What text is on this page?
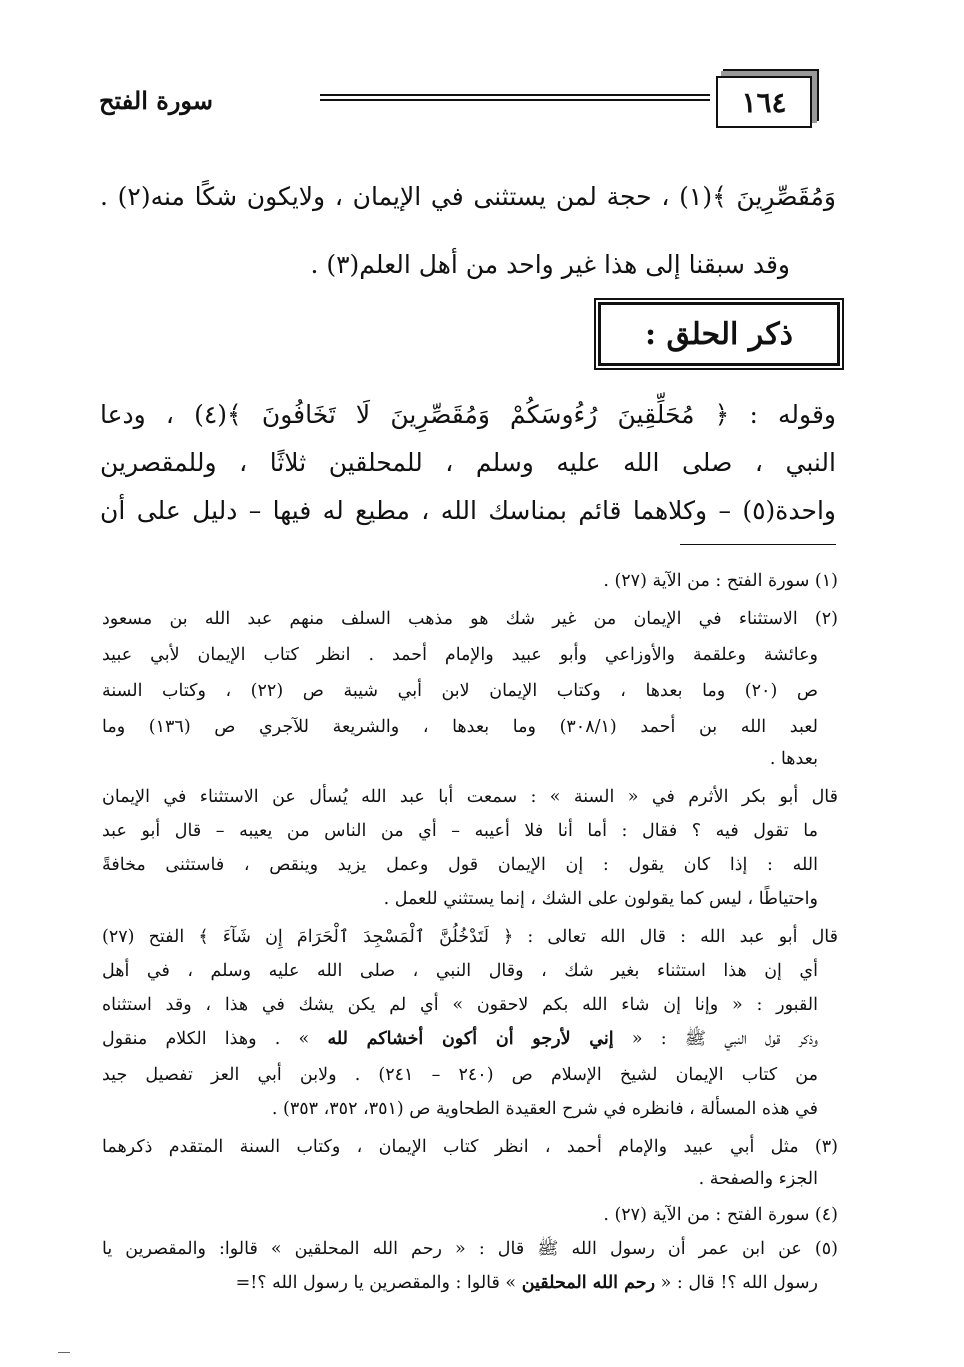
١٦٤
سورة الفتح
وَمُقَصِّرِينَ ﴾(١) ، حجة لمن يستثنى في الإيمان ، ولايكون شكًا منه(٢) .
وقد سبقنا إلى هذا غير واحد من أهل العلم(٣) .
ذكر الحلق :
وقوله : ﴿ مُحَلِّقِينَ رُءُوسَكُمْ وَمُقَصِّرِينَ لَا تَخَافُونَ ﴾(٤) ، ودعا
النبي ، صلى الله عليه وسلم ، للمحلقين ثلاثًا ، وللمقصرين
واحدة(٥) – وكلاهما قائم بمناسك الله ، مطيع له فيها – دليل على أن
(١) سورة الفتح : من الآية (٢٧) .
(٢) الاستثناء في الإيمان من غير شك هو مذهب السلف منهم عبد الله بن مسعود
وعائشة وعلقمة والأوزاعي وأبو عبيد والإمام أحمد . انظر كتاب الإيمان لأبي عبيد
ص (٢٠) وما بعدها ، وكتاب الإيمان لابن أبي شيبة ص (٢٢) ، وكتاب السنة
لعبد الله بن أحمد (٣٠٨/١) وما بعدها ، والشريعة للآجري ص (١٣٦) وما
بعدها .
قال أبو بكر الأثرم في « السنة » : سمعت أبا عبد الله يُسأل عن الاستثناء في الإيمان
ما تقول فيه ؟ فقال : أما أنا فلا أعيبه – أي من الناس من يعيبه – قال أبو عبد
الله : إذا كان يقول : إن الإيمان قول وعمل يزيد وينقص ، فاستثنى مخافةً
واحتياطًا ، ليس كما يقولون على الشك ، إنما يستثني للعمل .
قال أبو عبد الله : قال الله تعالى : ﴿ لَتَدْخُلُنَّ ٱلْمَسْجِدَ ٱلْحَرَامَ إِن شَآءَ ﴾ الفتح (٢٧)
أي إن هذا استثناء بغير شك ، وقال النبي ، صلى الله عليه وسلم ، في أهل
القبور : « وإنا إن شاء الله بكم لاحقون » أي لم يكن يشك في هذا ، وقد استثناه
وذكر قول النبي ﷺ : « إني لأرجو أن أكون أخشاكم لله » . وهذا الكلام منقول
من كتاب الإيمان لشيخ الإسلام ص (٢٤٠ – ٢٤١) . ولابن أبي العز تفصيل جيد
في هذه المسألة ، فانظره في شرح العقيدة الطحاوية ص (٣٥١، ٣٥٢، ٣٥٣) .
(٣) مثل أبي عبيد والإمام أحمد ، انظر كتاب الإيمان ، وكتاب السنة المتقدم ذكرهما
الجزء والصفحة .
(٤) سورة الفتح : من الآية (٢٧) .
(٥) عن ابن عمر أن رسول الله ﷺ قال : « رحم الله المحلقين » قالوا: والمقصرين يا
رسول الله ؟! قال : « رحم الله المحلقين » قالوا : والمقصرين يا رسول الله ؟!=
